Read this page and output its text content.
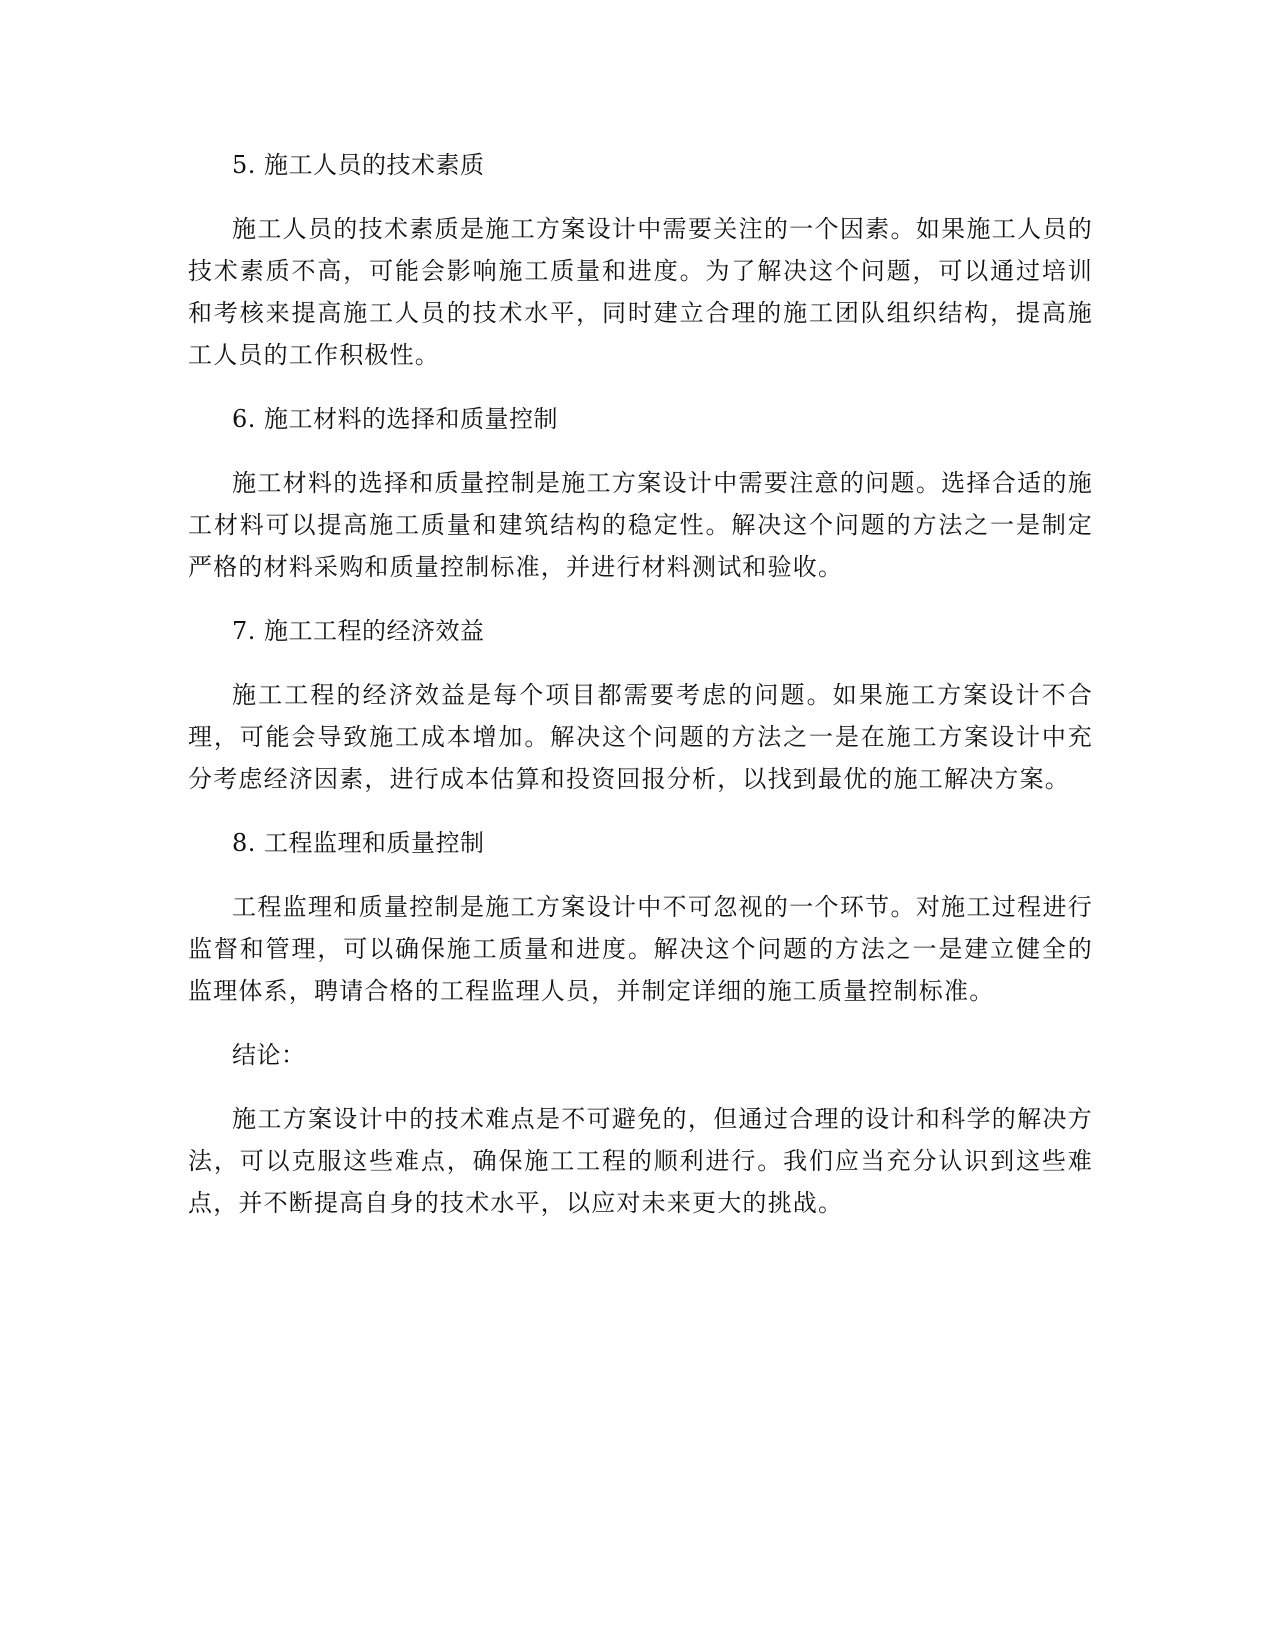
5. 施工人员的技术素质

施工人员的技术素质是施工方案设计中需要关注的一个因素。如果施工人员的技术素质不高，可能会影响施工质量和进度。为了解决这个问题，可以通过培训和考核来提高施工人员的技术水平，同时建立合理的施工团队组织结构，提高施工人员的工作积极性。

6. 施工材料的选择和质量控制

施工材料的选择和质量控制是施工方案设计中需要注意的问题。选择合适的施工材料可以提高施工质量和建筑结构的稳定性。解决这个问题的方法之一是制定严格的材料采购和质量控制标准，并进行材料测试和验收。

7. 施工工程的经济效益

施工工程的经济效益是每个项目都需要考虑的问题。如果施工方案设计不合理，可能会导致施工成本增加。解决这个问题的方法之一是在施工方案设计中充分考虑经济因素，进行成本估算和投资回报分析，以找到最优的施工解决方案。

8. 工程监理和质量控制

工程监理和质量控制是施工方案设计中不可忽视的一个环节。对施工过程进行监督和管理，可以确保施工质量和进度。解决这个问题的方法之一是建立健全的监理体系，聘请合格的工程监理人员，并制定详细的施工质量控制标准。

结论：

施工方案设计中的技术难点是不可避免的，但通过合理的设计和科学的解决方法，可以克服这些难点，确保施工工程的顺利进行。我们应当充分认识到这些难点，并不断提高自身的技术水平，以应对未来更大的挑战。
